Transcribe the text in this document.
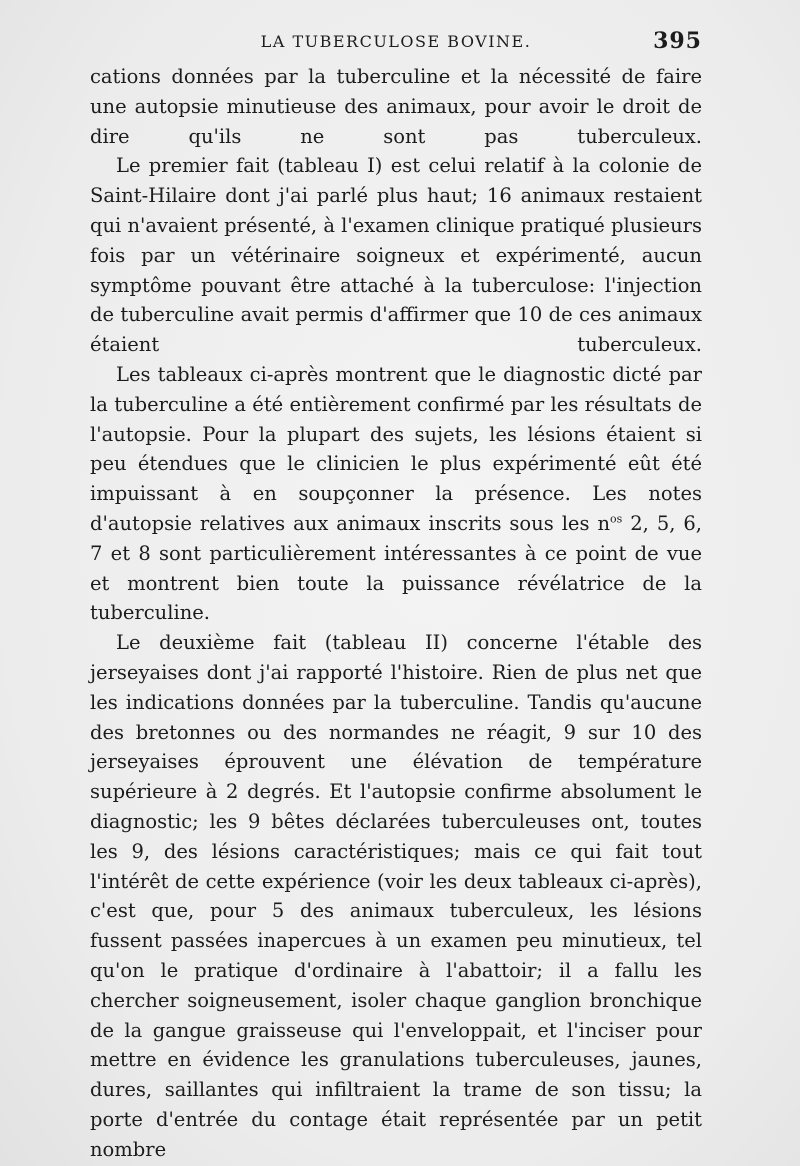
LA TUBERCULOSE BOVINE.	395

cations données par la tuberculine et la nécessité de faire une autopsie minutieuse des animaux, pour avoir le droit de dire qu'ils ne sont pas tuberculeux.

Le premier fait (tableau I) est celui relatif à la colonie de Saint-Hilaire dont j'ai parlé plus haut; 16 animaux restaient qui n'avaient présenté, à l'examen clinique pratiqué plusieurs fois par un vétérinaire soigneux et expérimenté, aucun symptôme pouvant être attaché à la tuberculose: l'injection de tuberculine avait permis d'affirmer que 10 de ces animaux étaient tuberculeux.

Les tableaux ci-après montrent que le diagnostic dicté par la tuberculine a été entièrement confirmé par les résultats de l'autopsie. Pour la plupart des sujets, les lésions étaient si peu étendues que le clinicien le plus expérimenté eût été impuissant à en soupçonner la présence. Les notes d'autopsie relatives aux animaux inscrits sous les $n^{os}$ 2, 5, 6, 7 et 8 sont particulièrement intéressantes à ce point de vue et montrent bien toute la puissance révélatrice de la tuberculine.

Le deuxième fait (tableau II) concerne l'étable des jerseyaises dont j'ai rapporté l'histoire. Rien de plus net que les indications données par la tuberculine. Tandis qu'aucune des bretonnes ou des normandes ne réagit, 9 sur 10 des jerseyaises éprouvent une élévation de température supérieure à 2 degrés. Et l'autopsie confirme absolument le diagnostic; les 9 bêtes déclarées tuberculeuses ont, toutes les 9, des lésions caractéristiques; mais ce qui fait tout l'intérêt de cette expérience (voir les deux tableaux ci-après), c'est que, pour 5 des animaux tuberculeux, les lésions fussent passées inapercues à un examen peu minutieux, tel qu'on le pratique d'ordinaire à l'abattoir; il a fallu les chercher soigneusement, isoler chaque ganglion bronchique de la gangue graisseuse qui l'enveloppait, et l'inciser pour mettre en évidence les granulations tuberculeuses, jaunes, dures, saillantes qui infiltraient la trame de son tissu; la porte d'entrée du contage était représentée par un petit nombre
